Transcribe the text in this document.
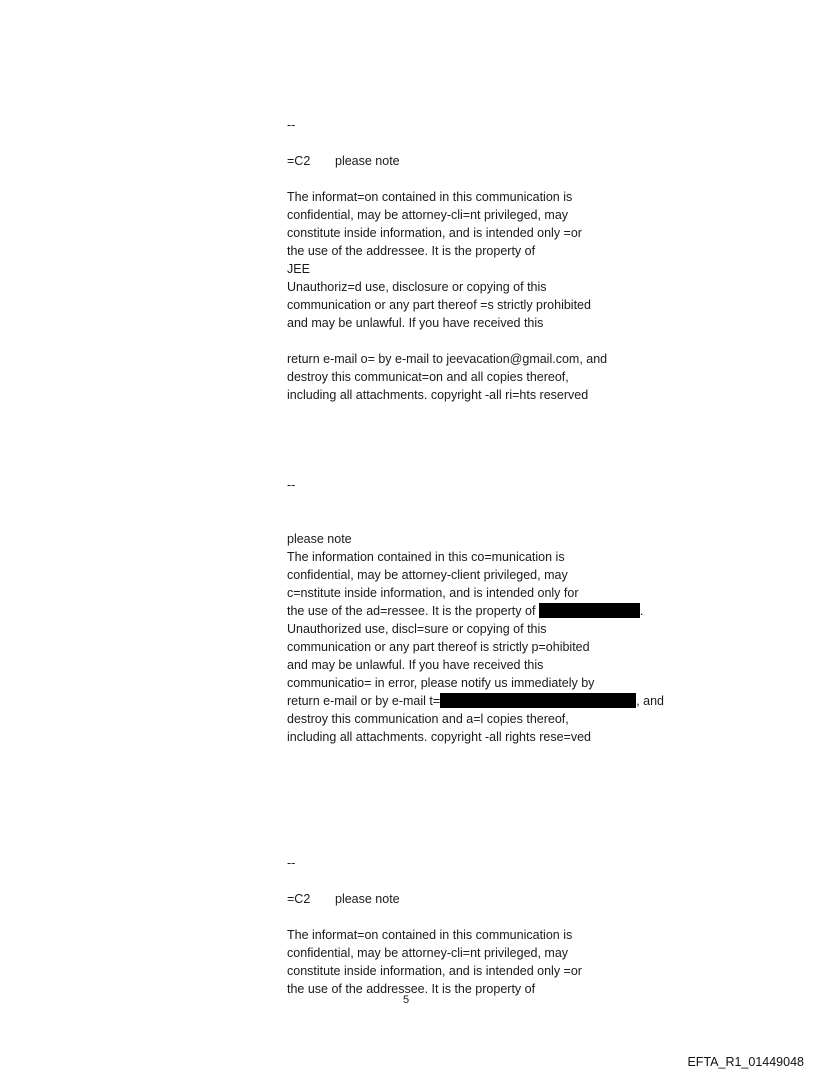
--
=C2 please note
The informat=on contained in this communication is
confidential, may be attorney-cli=nt privileged, may
constitute inside information, and is intended only =or
the use of the addressee. It is the property of
JEE
Unauthoriz=d use, disclosure or copying of this
communication or any part thereof =s strictly prohibited
and may be unlawful. If you have received this
return e-mail o= by e-mail to jeevacation@gmail.com, and
destroy this communicat=on and all copies thereof,
including all attachments. copyright -all ri=hts reserved
--
please note
The information contained in this co=munication is
confidential, may be attorney-client privileged, may
c=nstitute inside information, and is intended only for
the use of the ad=ressee. It is the property of	.
Unauthorized use, discl=sure or copying of this
communication or any part thereof is strictly p=ohibited
and may be unlawful. If you have received this
communicatio= in error, please notify us immediately by
return e-mail or by e-mail t=	, and
destroy this communication and a=l copies thereof,
including all attachments. copyright -all rights rese=ved
--
=C2 please note
The informat=on contained in this communication is
confidential, may be attorney-cli=nt privileged, may
constitute inside information, and is intended only =or
the use of the addressee. It is the property of
5
EFTA_R1_01449048
